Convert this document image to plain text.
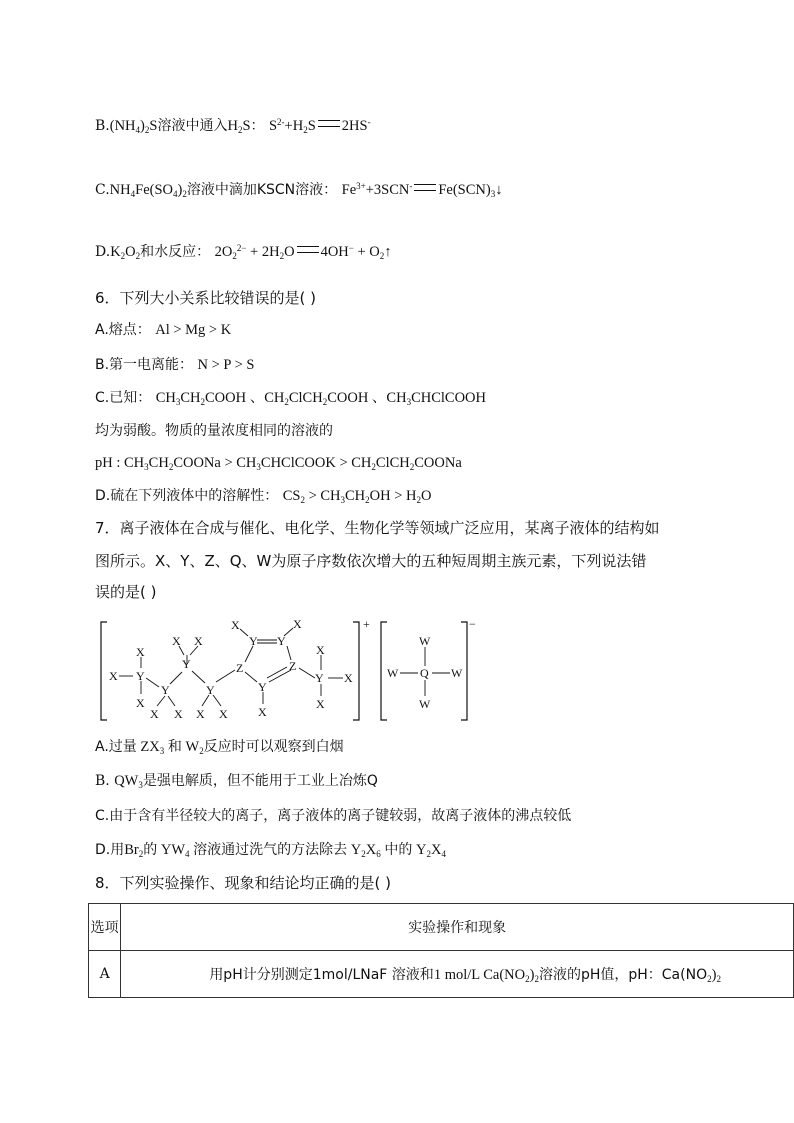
$B.(NH_4)_2S$溶液中通入$H_2S$： $S^{2-}+H_2S$ 2HS-
$C.NH_4Fe(SO_4)_2$溶液中滴加KSCN溶液： $Fe^{3+}+3SCN^-$ $Fe(SCN)_3↓$
$D.K_2O_2$和水反应： $2O_2^{2-} + 2H_2O$ $4OH^- + O_2↑$
6．下列大小关系比较错误的是( )
A.熔点： Al > Mg > K
B.第一电离能： N > P > S
C.已知： $CH_3CH_2COOH$ 、$CH_2ClCH_2COOH$ 、$CH_3CHClCOOH$
均为弱酸。物质的量浓度相同的溶液的
pH : $CH_3CH_2COONa$ > $CH_3CHClCOOK$ > $CH_2ClCH_2COONa$
D.硫在下列液体中的溶解性： $CS_2 > CH_3CH_2OH > H_2O$
7．离子液体在合成与催化、电化学、生物化学等领域广泛应用，某离子液体的结构如
图所示。X、Y、Z、Q、W为原子序数依次增大的五种短周期主族元素，下列说法错
误的是( )
+	−
X Y
X
X
Y
X X
Y
X X
Y
X X
Z
Y Y
X	X
Z
Y
X
Y
X
X
X
W
W Q W
W
A.过量 $ZX_3$ 和 $W_2$反应时可以观察到白烟
B. $QW_3$是强电解质，但不能用于工业上冶炼Q
C.由于含有半径较大的离子，离子液体的离子键较弱，故离子液体的沸点较低
D.用$Br_2$的 $YW_4$ 溶液通过洗气的方法除去 $Y_2X_6$ 中的 $Y_2X_4$
8．下列实验操作、现象和结论均正确的是( )
选项	实验操作和现象
A	用pH计分别测定1mol/LNaF 溶液和1 mol/L $Ca(NO_2)_2$溶液的pH值，pH：$Ca(NO_2)_2$
